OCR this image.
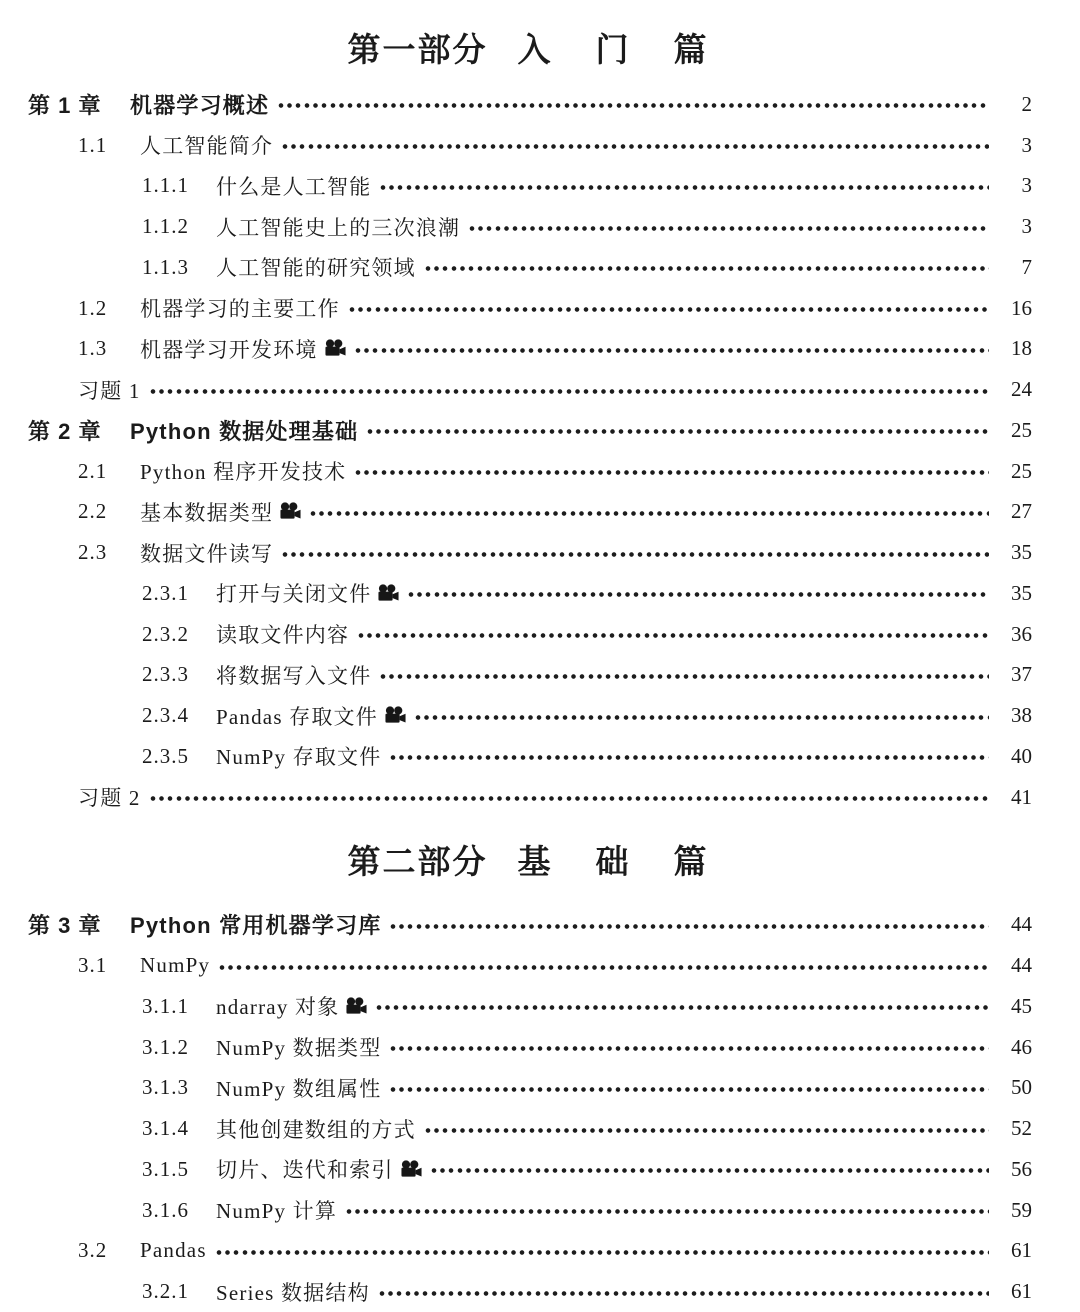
第一部分 入　门　篇
第 1 章	机器学习概述	2
1.1	人工智能简介	3
1.1.1	什么是人工智能	3
1.1.2	人工智能史上的三次浪潮	3
1.1.3	人工智能的研究领域	7
1.2	机器学习的主要工作	16
1.3	机器学习开发环境	18
习题 1	24
第 2 章	Python 数据处理基础	25
2.1	Python 程序开发技术	25
2.2	基本数据类型	27
2.3	数据文件读写	35
2.3.1	打开与关闭文件	35
2.3.2	读取文件内容	36
2.3.3	将数据写入文件	37
2.3.4	Pandas 存取文件	38
2.3.5	NumPy 存取文件	40
习题 2	41
第二部分 基　础　篇
第 3 章	Python 常用机器学习库	44
3.1	NumPy	44
3.1.1	ndarray 对象	45
3.1.2	NumPy 数据类型	46
3.1.3	NumPy 数组属性	50
3.1.4	其他创建数组的方式	52
3.1.5	切片、迭代和索引	56
3.1.6	NumPy 计算	59
3.2	Pandas	61
3.2.1	Series 数据结构	61
